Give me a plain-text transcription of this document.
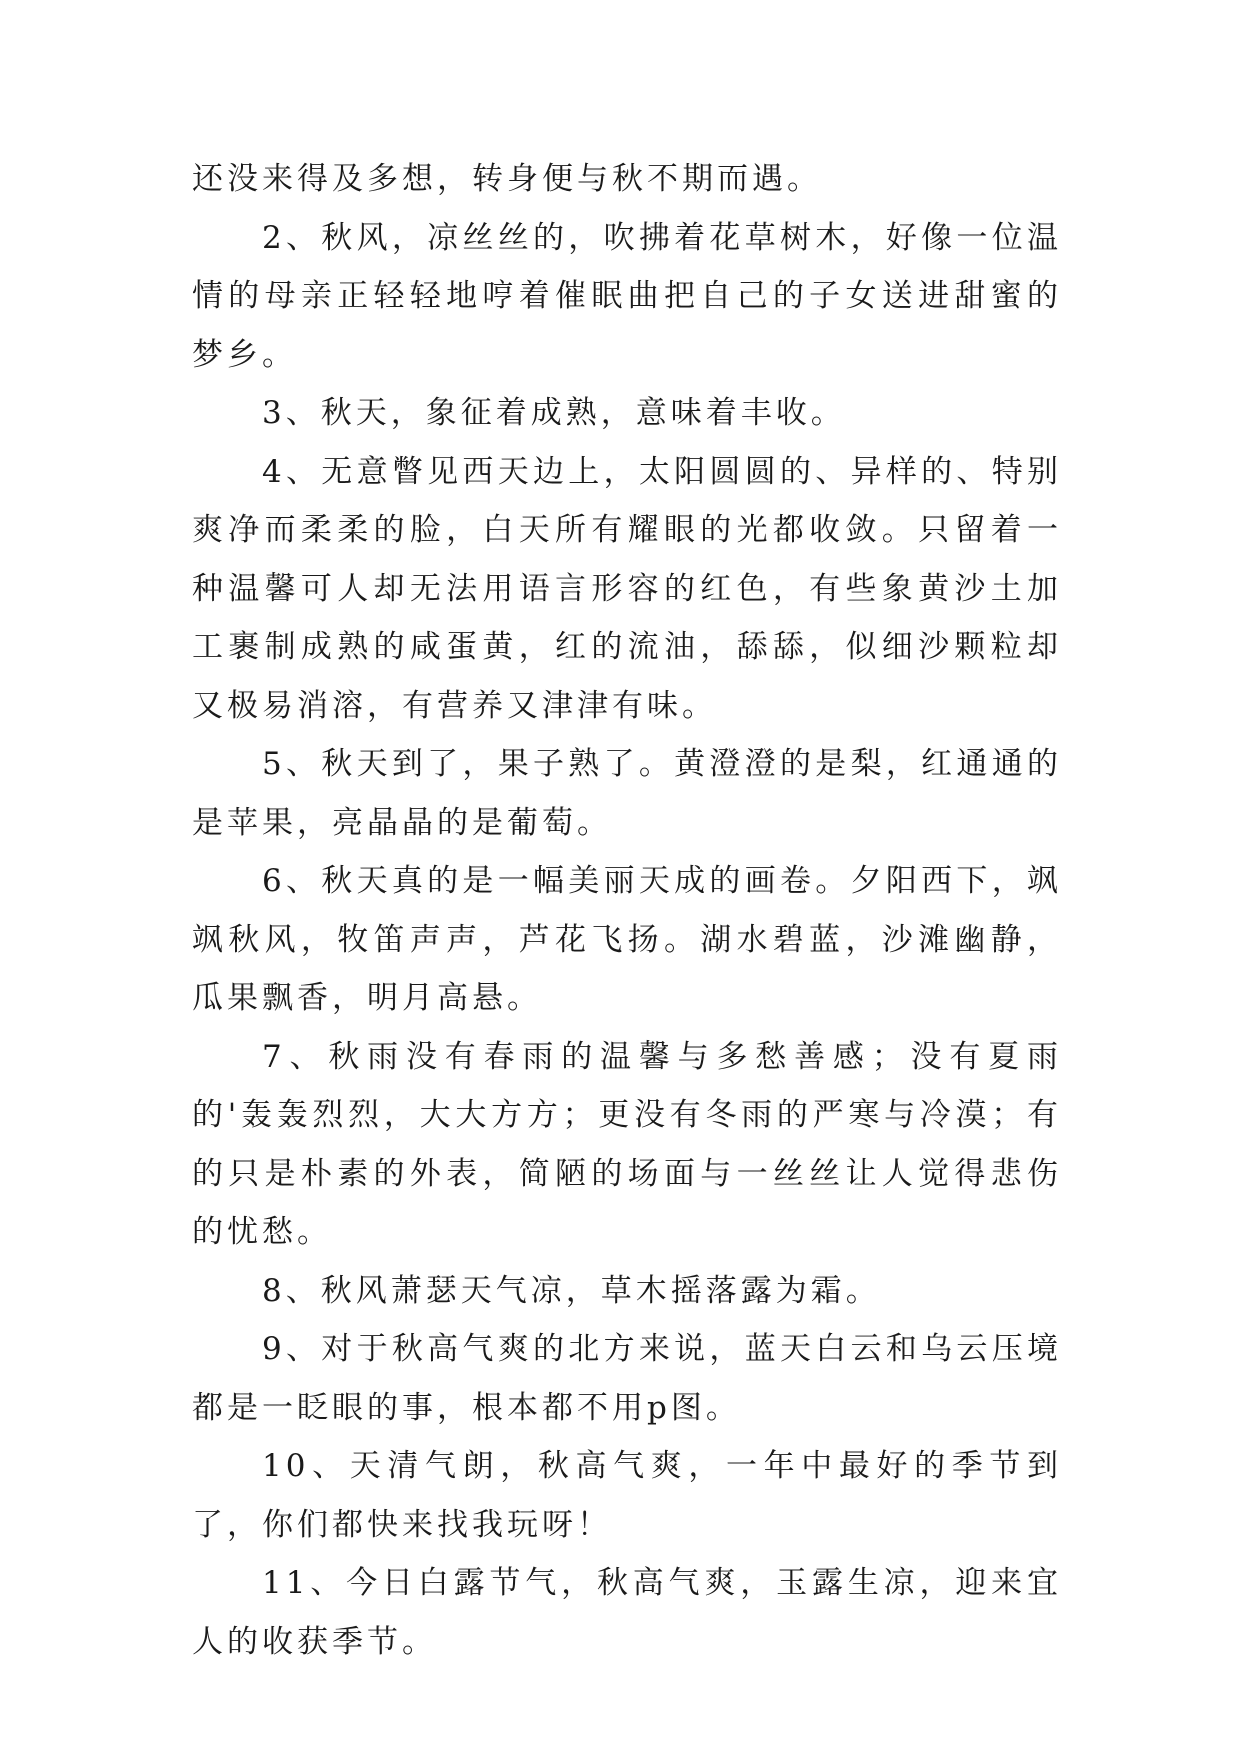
还没来得及多想，转身便与秋不期而遇。

2、秋风，凉丝丝的，吹拂着花草树木，好像一位温情的母亲正轻轻地哼着催眠曲把自己的子女送进甜蜜的梦乡。

3、秋天，象征着成熟，意味着丰收。

4、无意瞥见西天边上，太阳圆圆的、异样的、特别爽净而柔柔的脸，白天所有耀眼的光都收敛。只留着一种温馨可人却无法用语言形容的红色，有些象黄沙土加工裹制成熟的咸蛋黄，红的流油，舔舔，似细沙颗粒却又极易消溶，有营养又津津有味。

5、秋天到了，果子熟了。黄澄澄的是梨，红通通的是苹果，亮晶晶的是葡萄。

6、秋天真的是一幅美丽天成的画卷。夕阳西下，飒飒秋风，牧笛声声，芦花飞扬。湖水碧蓝，沙滩幽静，瓜果飘香，明月高悬。

7、秋雨没有春雨的温馨与多愁善感；没有夏雨的'轰轰烈烈，大大方方；更没有冬雨的严寒与冷漠；有的只是朴素的外表，简陋的场面与一丝丝让人觉得悲伤的忧愁。

8、秋风萧瑟天气凉，草木摇落露为霜。

9、对于秋高气爽的北方来说，蓝天白云和乌云压境都是一眨眼的事，根本都不用p图。

10、天清气朗，秋高气爽，一年中最好的季节到了，你们都快来找我玩呀！

11、今日白露节气，秋高气爽，玉露生凉，迎来宜人的收获季节。
